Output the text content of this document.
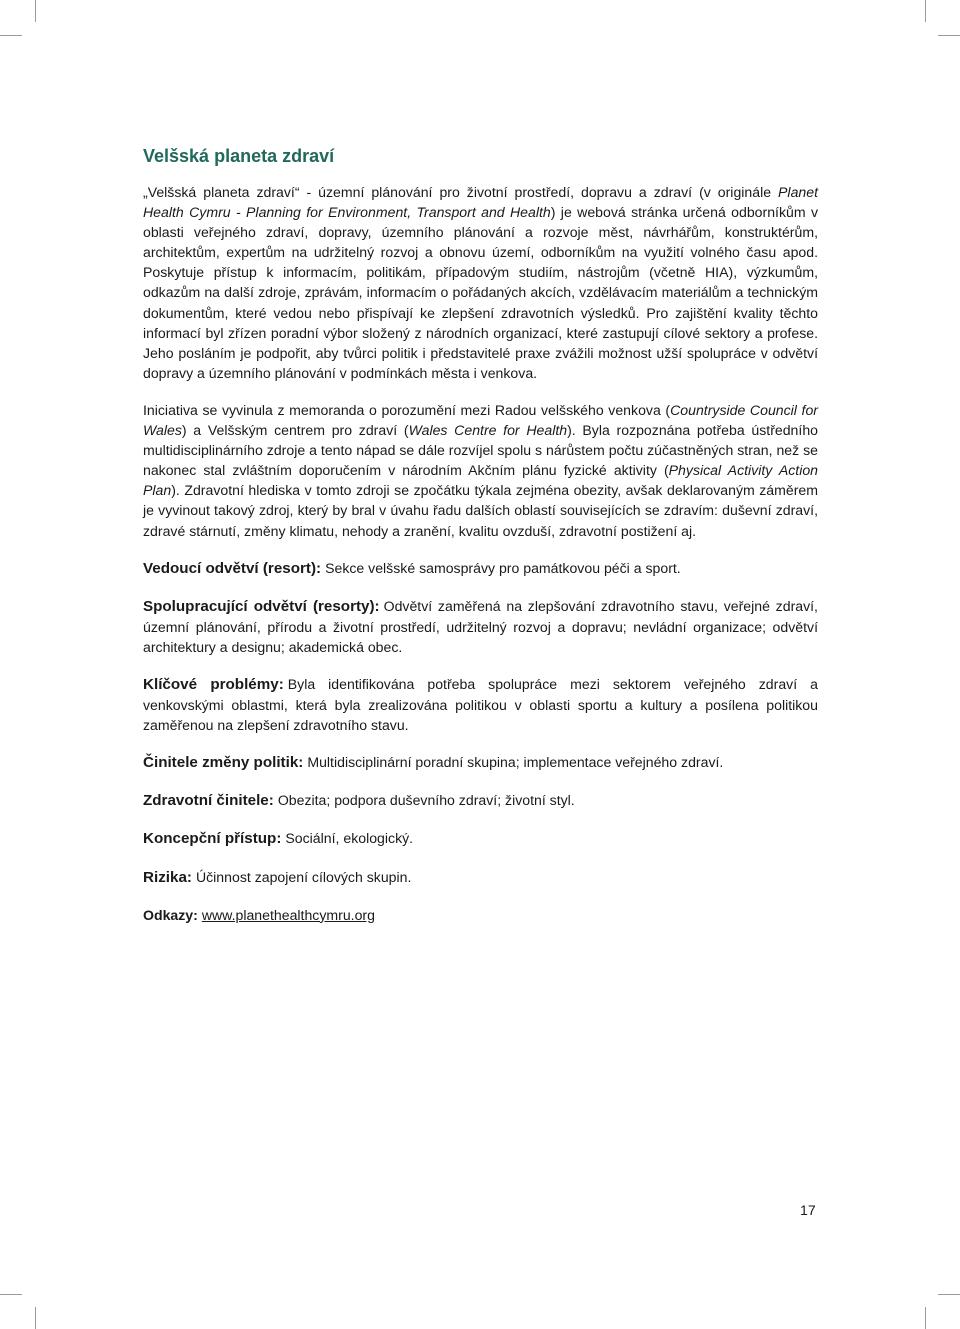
Velšská planeta zdraví

„Velšská planeta zdraví“ - územní plánování pro životní prostředí, dopravu a zdraví (v originále Planet Health Cymru - Planning for Environment, Transport and Health) je webová stránka určená odborníkům v oblasti veřejného zdraví, dopravy, územního plánování a rozvoje měst, návrhářům, konstruktérům, architektům, expertům na udržitelný rozvoj a obnovu území, odborníkům na využití volného času apod. Poskytuje přístup k informacím, politikám, případovým studiím, nástrojům (včetně HIA), výzkumům, odkazům na další zdroje, zprávám, informacím o pořádaných akcích, vzdělávacím materiálům a technickým dokumentům, které vedou nebo přispívají ke zlepšení zdravotních výsledků. Pro zajištění kvality těchto informací byl zřízen poradní výbor složený z národních organizací, které zastupují cílové sektory a profese. Jeho posláním je podpořit, aby tvůrci politik i představitelé praxe zvážili možnost užší spolupráce v odvětví dopravy a územního plánování v podmínkách města i venkova.

Iniciativa se vyvinula z memoranda o porozumění mezi Radou velšského venkova (Countryside Council for Wales) a Velšským centrem pro zdraví (Wales Centre for Health). Byla rozpoznána potřeba ústředního multidisciplinárního zdroje a tento nápad se dále rozvíjel spolu s nárůstem počtu zúčastněných stran, než se nakonec stal zvláštním doporučením v národním Akčním plánu fyzické aktivity (Physical Activity Action Plan). Zdravotní hlediska v tomto zdroji se zpočátku týkala zejména obezity, avšak deklarovaným záměrem je vyvinout takový zdroj, který by bral v úvahu řadu dalších oblastí souvisejících se zdravím: duševní zdraví, zdravé stárnutí, změny klimatu, nehody a zranění, kvalitu ovzduší, zdravotní postižení aj.

Vedoucí odvětví (resort): Sekce velšské samosprávy pro památkovou péči a sport.

Spolupracující odvětví (resorty): Odvětví zaměřená na zlepšování zdravotního stavu, veřejné zdraví, územní plánování, přírodu a životní prostředí, udržitelný rozvoj a dopravu; nevládní organizace; odvětví architektury a designu; akademická obec.

Klíčové problémy: Byla identifikována potřeba spolupráce mezi sektorem veřejného zdraví a venkovskými oblastmi, která byla zrealizována politikou v oblasti sportu a kultury a posílena politikou zaměřenou na zlepšení zdravotního stavu.

Činitele změny politik: Multidisciplinární poradní skupina; implementace veřejného zdraví.

Zdravotní činitele: Obezita; podpora duševního zdraví; životní styl.

Koncepční přístup: Sociální, ekologický.

Rizika: Účinnost zapojení cílových skupin.

Odkazy: www.planethealthcymru.org

17
